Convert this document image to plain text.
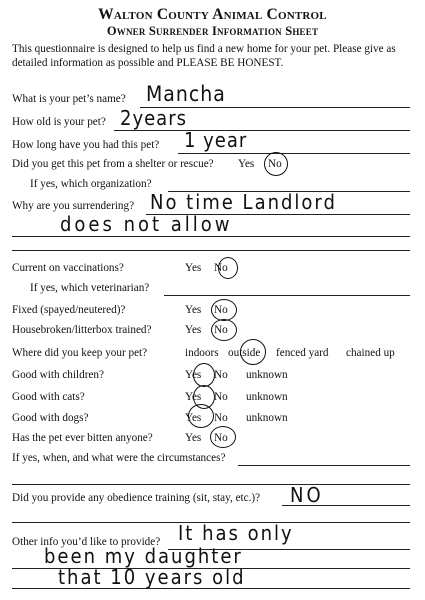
Walton County Animal Control
Owner Surrender Information Sheet
This questionnaire is designed to help us find a new home for your pet. Please give as detailed information as possible and PLEASE BE HONEST.
What is your pet’s name? Mancha
How old is your pet? 2years
How long have you had this pet? 1 year
Did you get this pet from a shelter or rescue? Yes No
If yes, which organization?
Why are you surrendering? No time Landlord
does not allow
Current on vaccinations?	Yes No
If yes, which veterinarian?
Fixed (spayed/neutered)?	Yes No
Housebroken/litterbox trained?	Yes No
Where did you keep your pet?	indoors outside fenced yard chained up
Good with children?	Yes No unknown
Good with cats?	Yes No unknown
Good with dogs?	Yes No unknown
Has the pet ever bitten anyone?	Yes No
If yes, when, and what were the circumstances?
Did you provide any obedience training (sit, stay, etc.)? NO
Other info you’d like to provide? It has only
been my daughter
that 10 years old
